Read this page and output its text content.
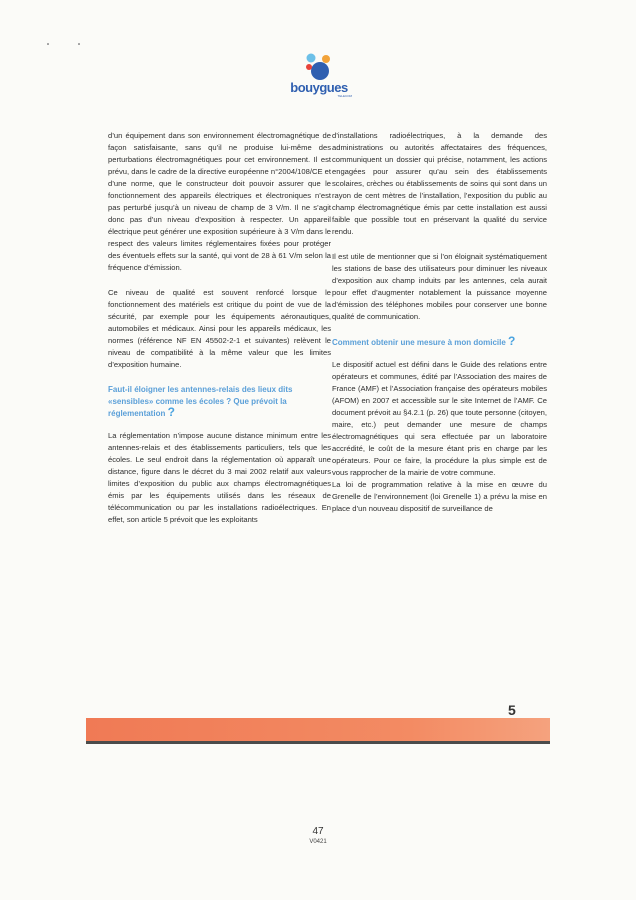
bouygues
TELECOM

d’un équipement dans son environnement électromagnétique de façon satisfaisante, sans qu’il ne produise lui-même des perturbations électromagnétiques pour cet environnement. Il est prévu, dans le cadre de la directive européenne n°2004/108/CE et d’une norme, que le constructeur doit pouvoir assurer que le fonctionnement des appareils électriques et électroniques n’est pas perturbé jusqu’à un niveau de champ de 3 V/m. Il ne s’agit donc pas d’un niveau d’exposition à respecter. Un appareil électrique peut générer une exposition supérieure à 3 V/m dans le respect des valeurs limites réglementaires fixées pour protéger des éventuels effets sur la santé, qui vont de 28 à 61 V/m selon la fréquence d’émission.

Ce niveau de qualité est souvent renforcé lorsque le fonctionnement des matériels est critique du point de vue de la sécurité, par exemple pour les équipements aéronautiques, automobiles et médicaux. Ainsi pour les appareils médicaux, les normes (référence NF EN 45502-2-1 et suivantes) relèvent le niveau de compatibilité à la même valeur que les limites d’exposition humaine.

Faut-il éloigner les antennes-relais des lieux dits «sensibles» comme les écoles ? Que prévoit la réglementation ?

La réglementation n’impose aucune distance minimum entre les antennes-relais et des établissements particuliers, tels que les écoles. Le seul endroit dans la réglementation où apparaît une distance, figure dans le décret du 3 mai 2002 relatif aux valeurs limites d’exposition du public aux champs électromagnétiques émis par les équipements utilisés dans les réseaux de télécommunication ou par les installations radioélectriques. En effet, son article 5 prévoit que les exploitants

d’installations radioélectriques, à la demande des administrations ou autorités affectataires des fréquences, communiquent un dossier qui précise, notamment, les actions engagées pour assurer qu’au sein des établissements scolaires, crèches ou établissements de soins qui sont dans un rayon de cent mètres de l’installation, l’exposition du public au champ électromagnétique émis par cette installation est aussi faible que possible tout en préservant la qualité du service rendu.

Il est utile de mentionner que si l’on éloignait systématiquement les stations de base des utilisateurs pour diminuer les niveaux d’exposition aux champ induits par les antennes, cela aurait pour effet d’augmenter notablement la puissance moyenne d’émission des téléphones mobiles pour conserver une bonne qualité de communication.

Comment obtenir une mesure à mon domicile ?

Le dispositif actuel est défini dans le Guide des relations entre opérateurs et communes, édité par l’Association des maires de France (AMF) et l’Association française des opérateurs mobiles (AFOM) en 2007 et accessible sur le site Internet de l’AMF. Ce document prévoit au §4.2.1 (p. 26) que toute personne (citoyen, maire, etc.) peut demander une mesure de champs électromagnétiques qui sera effectuée par un laboratoire accrédité, le coût de la mesure étant pris en charge par les opérateurs. Pour ce faire, la procédure la plus simple est de vous rapprocher de la mairie de votre commune.

La loi de programmation relative à la mise en œuvre du Grenelle de l’environnement (loi Grenelle 1) a prévu la mise en place d’un nouveau dispositif de surveillance de

5
47
V0421
